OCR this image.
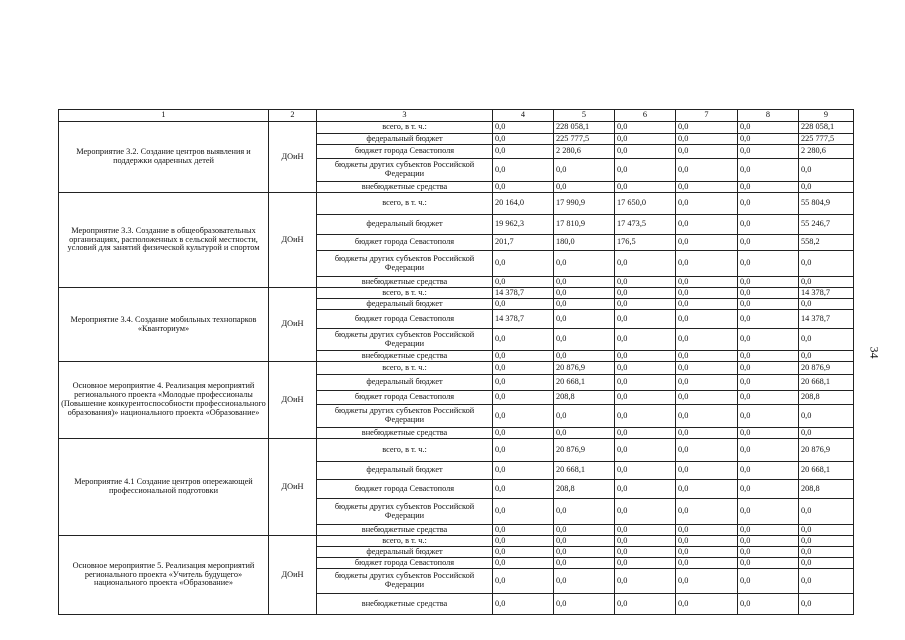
1	2	3	4	5	6	7	8	9
Мероприятие 3.2. Создание центров выявления и поддержки одаренных детей	ДОиН	всего, в т. ч.:	0,0	228 058,1	0,0	0,0	0,0	228 058,1
		федеральный бюджет	0,0	225 777,5	0,0	0,0	0,0	225 777,5
		бюджет города Севастополя	0,0	2 280,6	0,0	0,0	0,0	2 280,6
		бюджеты других субъектов Российской Федерации	0,0	0,0	0,0	0,0	0,0	0,0
		внебюджетные средства	0,0	0,0	0,0	0,0	0,0	0,0
Мероприятие 3.3. Создание в общеобразовательных организациях, расположенных в сельской местности, условий для занятий физической культурой и спортом	ДОиН	всего, в т. ч.:	20 164,0	17 990,9	17 650,0	0,0	0,0	55 804,9
		федеральный бюджет	19 962,3	17 810,9	17 473,5	0,0	0,0	55 246,7
		бюджет города Севастополя	201,7	180,0	176,5	0,0	0,0	558,2
		бюджеты других субъектов Российской Федерации	0,0	0,0	0,0	0,0	0,0	0,0
		внебюджетные средства	0,0	0,0	0,0	0,0	0,0	0,0
Мероприятие 3.4. Создание мобильных технопарков «Кванториум»	ДОиН	всего, в т. ч.:	14 378,7	0,0	0,0	0,0	0,0	14 378,7
		федеральный бюджет	0,0	0,0	0,0	0,0	0,0	0,0
		бюджет города Севастополя	14 378,7	0,0	0,0	0,0	0,0	14 378,7
		бюджеты других субъектов Российской Федерации	0,0	0,0	0,0	0,0	0,0	0,0
		внебюджетные средства	0,0	0,0	0,0	0,0	0,0	0,0
Основное мероприятие 4. Реализация мероприятий регионального проекта «Молодые профессионалы (Повышение конкурентоспособности профессионального образования)» национального проекта «Образование»	ДОиН	всего, в т. ч.:	0,0	20 876,9	0,0	0,0	0,0	20 876,9
		федеральный бюджет	0,0	20 668,1	0,0	0,0	0,0	20 668,1
		бюджет города Севастополя	0,0	208,8	0,0	0,0	0,0	208,8
		бюджеты других субъектов Российской Федерации	0,0	0,0	0,0	0,0	0,0	0,0
		внебюджетные средства	0,0	0,0	0,0	0,0	0,0	0,0
Мероприятие 4.1 Создание центров опережающей профессиональной подготовки	ДОиН	всего, в т. ч.:	0,0	20 876,9	0,0	0,0	0,0	20 876,9
		федеральный бюджет	0,0	20 668,1	0,0	0,0	0,0	20 668,1
		бюджет города Севастополя	0,0	208,8	0,0	0,0	0,0	208,8
		бюджеты других субъектов Российской Федерации	0,0	0,0	0,0	0,0	0,0	0,0
		внебюджетные средства	0,0	0,0	0,0	0,0	0,0	0,0
Основное мероприятие 5. Реализация мероприятий регионального проекта «Учитель будущего» национального проекта «Образование»	ДОиН	всего, в т. ч.:	0,0	0,0	0,0	0,0	0,0	0,0
		федеральный бюджет	0,0	0,0	0,0	0,0	0,0	0,0
		бюджет города Севастополя	0,0	0,0	0,0	0,0	0,0	0,0
		бюджеты других субъектов Российской Федерации	0,0	0,0	0,0	0,0	0,0	0,0
		внебюджетные средства	0,0	0,0	0,0	0,0	0,0	0,0
34
